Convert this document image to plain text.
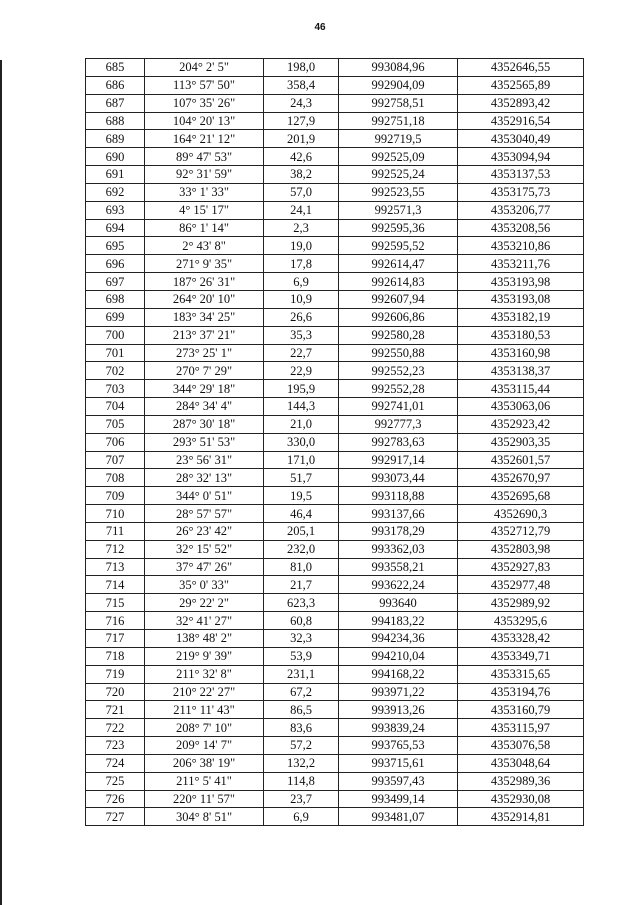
46
685	204° 2' 5"	198,0	993084,96	4352646,55
686	113° 57' 50"	358,4	992904,09	4352565,89
687	107° 35' 26"	24,3	992758,51	4352893,42
688	104° 20' 13"	127,9	992751,18	4352916,54
689	164° 21' 12"	201,9	992719,5	4353040,49
690	89° 47' 53"	42,6	992525,09	4353094,94
691	92° 31' 59"	38,2	992525,24	4353137,53
692	33° 1' 33"	57,0	992523,55	4353175,73
693	4° 15' 17"	24,1	992571,3	4353206,77
694	86° 1' 14"	2,3	992595,36	4353208,56
695	2° 43' 8"	19,0	992595,52	4353210,86
696	271° 9' 35"	17,8	992614,47	4353211,76
697	187° 26' 31"	6,9	992614,83	4353193,98
698	264° 20' 10"	10,9	992607,94	4353193,08
699	183° 34' 25"	26,6	992606,86	4353182,19
700	213° 37' 21"	35,3	992580,28	4353180,53
701	273° 25' 1"	22,7	992550,88	4353160,98
702	270° 7' 29"	22,9	992552,23	4353138,37
703	344° 29' 18"	195,9	992552,28	4353115,44
704	284° 34' 4"	144,3	992741,01	4353063,06
705	287° 30' 18"	21,0	992777,3	4352923,42
706	293° 51' 53"	330,0	992783,63	4352903,35
707	23° 56' 31"	171,0	992917,14	4352601,57
708	28° 32' 13"	51,7	993073,44	4352670,97
709	344° 0' 51"	19,5	993118,88	4352695,68
710	28° 57' 57"	46,4	993137,66	4352690,3
711	26° 23' 42"	205,1	993178,29	4352712,79
712	32° 15' 52"	232,0	993362,03	4352803,98
713	37° 47' 26"	81,0	993558,21	4352927,83
714	35° 0' 33"	21,7	993622,24	4352977,48
715	29° 22' 2"	623,3	993640	4352989,92
716	32° 41' 27"	60,8	994183,22	4353295,6
717	138° 48' 2"	32,3	994234,36	4353328,42
718	219° 9' 39"	53,9	994210,04	4353349,71
719	211° 32' 8"	231,1	994168,22	4353315,65
720	210° 22' 27"	67,2	993971,22	4353194,76
721	211° 11' 43"	86,5	993913,26	4353160,79
722	208° 7' 10"	83,6	993839,24	4353115,97
723	209° 14' 7"	57,2	993765,53	4353076,58
724	206° 38' 19"	132,2	993715,61	4353048,64
725	211° 5' 41"	114,8	993597,43	4352989,36
726	220° 11' 57"	23,7	993499,14	4352930,08
727	304° 8' 51"	6,9	993481,07	4352914,81
